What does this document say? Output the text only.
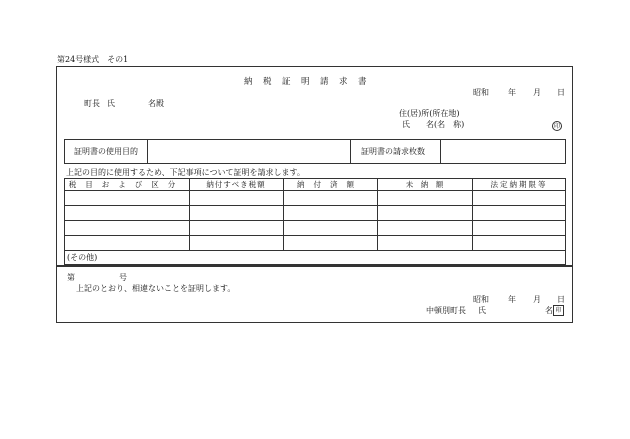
第24号様式　その1
納　税　証　明　請　求　書
昭和 年 月 日
町長 氏	名殿
住(居)所(所在地)
氏　　名(名　称)	印
証明書の使用目的	証明書の請求枚数
上記の目的に使用するため、下記事項について証明を請求します。
税目および区分	納付すべき税額	納付済額	未　納　額	法定納期限等
(その他)
第	号
上記のとおり、相違ないことを証明します。
昭和 年 月 日
中頓別町長 氏	名 印
